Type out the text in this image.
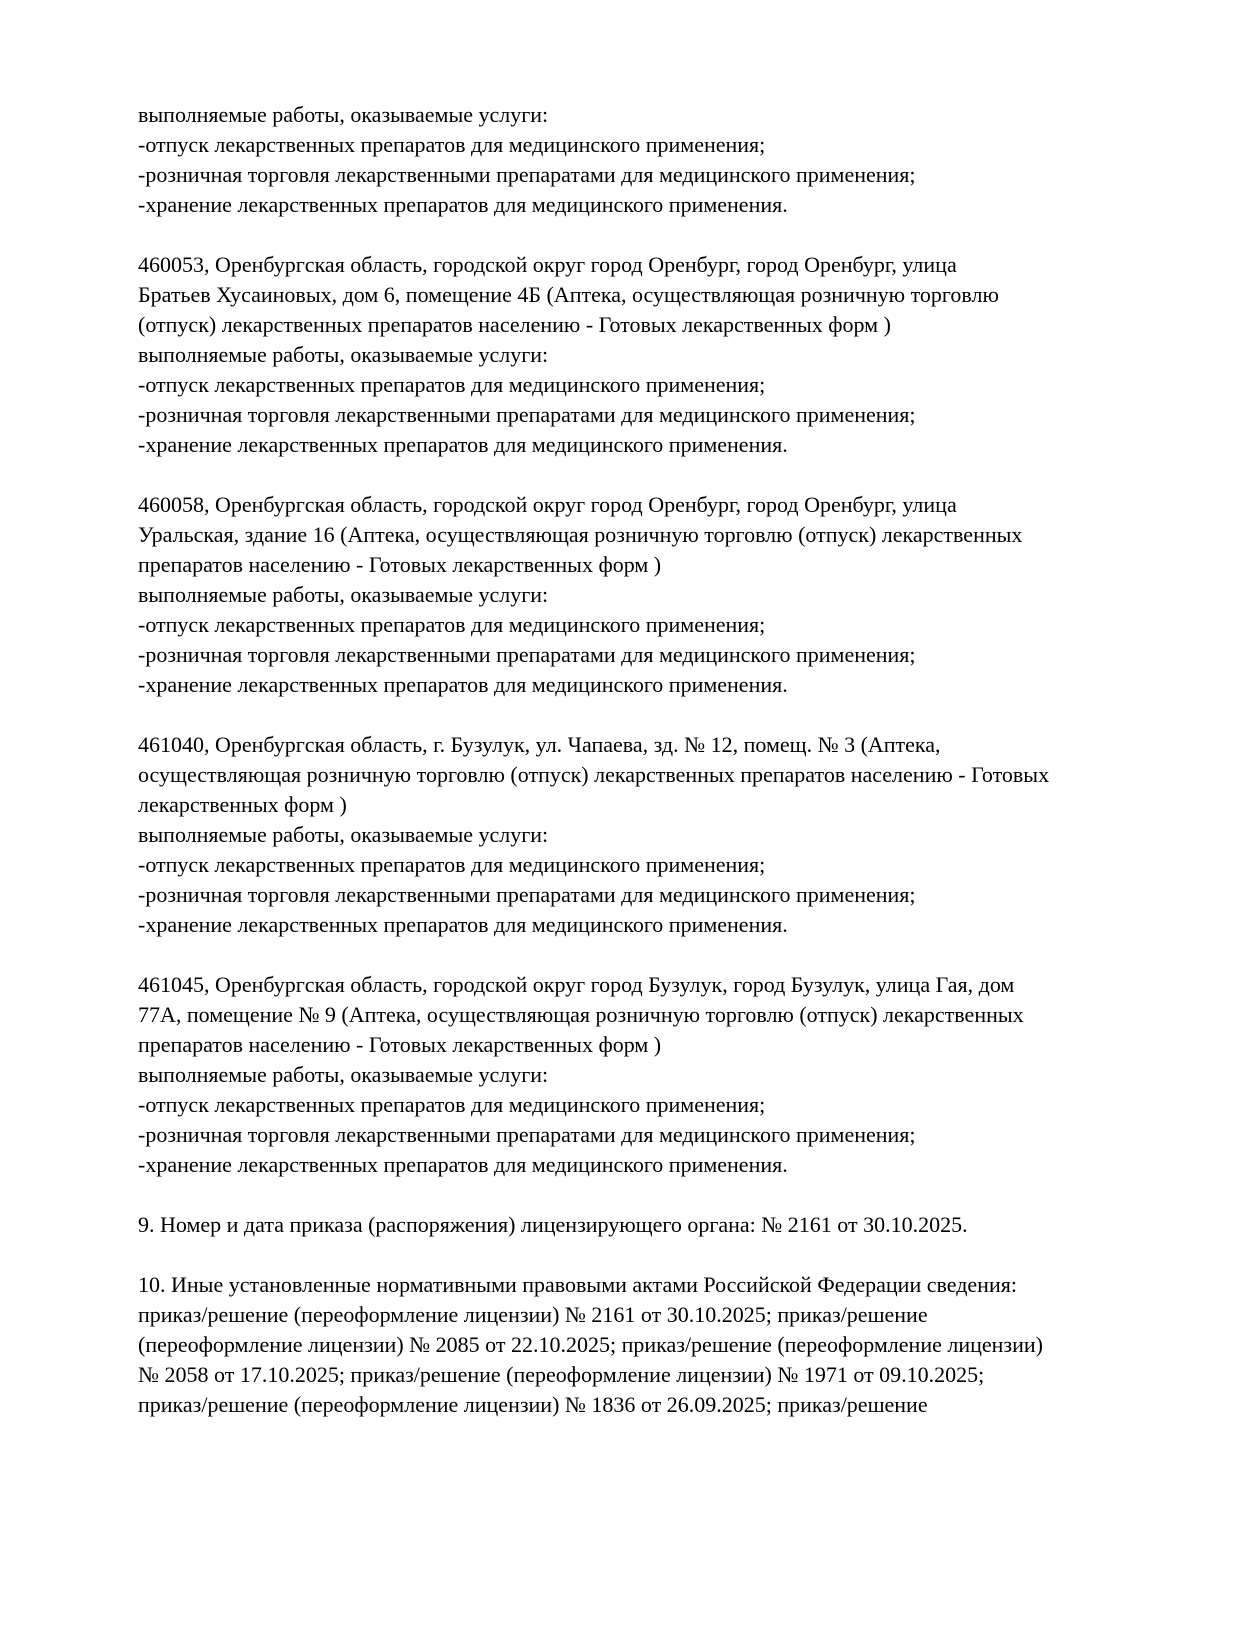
выполняемые работы, оказываемые услуги:
-отпуск лекарственных препаратов для медицинского применения;
-розничная торговля лекарственными препаратами для медицинского применения;
-хранение лекарственных препаратов для медицинского применения.

460053, Оренбургская область, городской округ город Оренбург, город Оренбург, улица
Братьев Хусаиновых, дом 6, помещение 4Б (Аптека, осуществляющая розничную торговлю
(отпуск) лекарственных препаратов населению - Готовых лекарственных форм )
выполняемые работы, оказываемые услуги:
-отпуск лекарственных препаратов для медицинского применения;
-розничная торговля лекарственными препаратами для медицинского применения;
-хранение лекарственных препаратов для медицинского применения.

460058, Оренбургская область, городской округ город Оренбург, город Оренбург, улица
Уральская, здание 16 (Аптека, осуществляющая розничную торговлю (отпуск) лекарственных
препаратов населению - Готовых лекарственных форм )
выполняемые работы, оказываемые услуги:
-отпуск лекарственных препаратов для медицинского применения;
-розничная торговля лекарственными препаратами для медицинского применения;
-хранение лекарственных препаратов для медицинского применения.

461040, Оренбургская область, г. Бузулук, ул. Чапаева, зд. № 12, помещ. № 3 (Аптека,
осуществляющая розничную торговлю (отпуск) лекарственных препаратов населению - Готовых
лекарственных форм )
выполняемые работы, оказываемые услуги:
-отпуск лекарственных препаратов для медицинского применения;
-розничная торговля лекарственными препаратами для медицинского применения;
-хранение лекарственных препаратов для медицинского применения.

461045, Оренбургская область, городской округ город Бузулук, город Бузулук, улица Гая, дом
77А, помещение № 9 (Аптека, осуществляющая розничную торговлю (отпуск) лекарственных
препаратов населению - Готовых лекарственных форм )
выполняемые работы, оказываемые услуги:
-отпуск лекарственных препаратов для медицинского применения;
-розничная торговля лекарственными препаратами для медицинского применения;
-хранение лекарственных препаратов для медицинского применения.

9. Номер и дата приказа (распоряжения) лицензирующего органа: № 2161 от 30.10.2025.

10. Иные установленные нормативными правовыми актами Российской Федерации сведения:
приказ/решение (переоформление лицензии) № 2161 от 30.10.2025; приказ/решение
(переоформление лицензии) № 2085 от 22.10.2025; приказ/решение (переоформление лицензии)
№ 2058 от 17.10.2025; приказ/решение (переоформление лицензии) № 1971 от 09.10.2025;
приказ/решение (переоформление лицензии) № 1836 от 26.09.2025; приказ/решение
